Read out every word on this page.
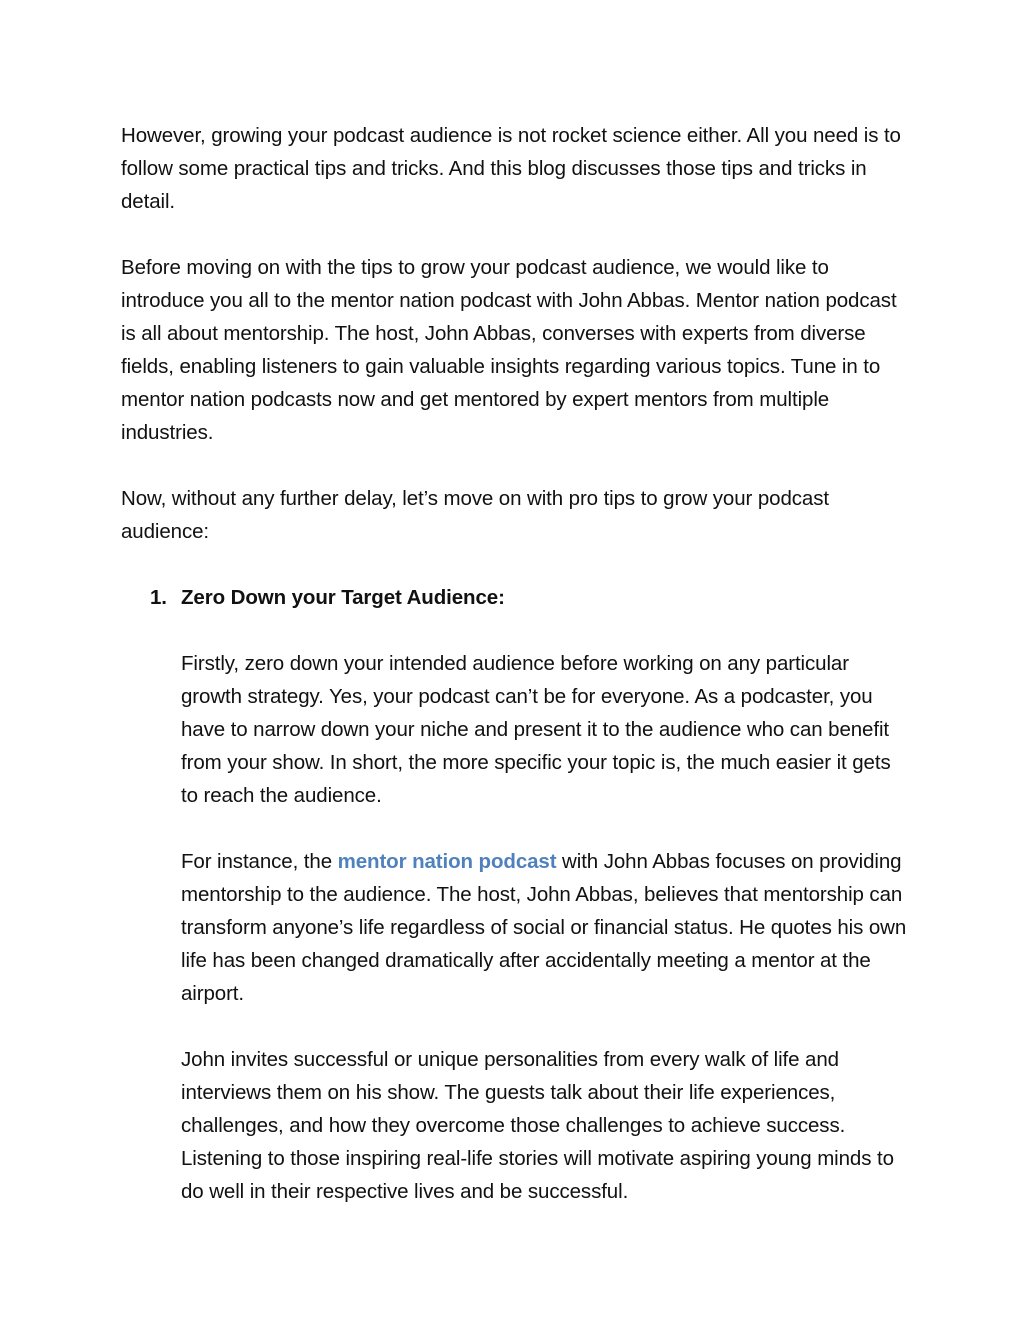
However, growing your podcast audience is not rocket science either. All you need is to follow some practical tips and tricks. And this blog discusses those tips and tricks in detail.

Before moving on with the tips to grow your podcast audience, we would like to introduce you all to the mentor nation podcast with John Abbas. Mentor nation podcast is all about mentorship. The host, John Abbas, converses with experts from diverse fields, enabling listeners to gain valuable insights regarding various topics. Tune in to mentor nation podcasts now and get mentored by expert mentors from multiple industries.

Now, without any further delay, let’s move on with pro tips to grow your podcast audience:

1. Zero Down your Target Audience:

Firstly, zero down your intended audience before working on any particular growth strategy. Yes, your podcast can’t be for everyone. As a podcaster, you have to narrow down your niche and present it to the audience who can benefit from your show. In short, the more specific your topic is, the much easier it gets to reach the audience.

For instance, the mentor nation podcast with John Abbas focuses on providing mentorship to the audience. The host, John Abbas, believes that mentorship can transform anyone’s life regardless of social or financial status. He quotes his own life has been changed dramatically after accidentally meeting a mentor at the airport.

John invites successful or unique personalities from every walk of life and interviews them on his show. The guests talk about their life experiences, challenges, and how they overcome those challenges to achieve success. Listening to those inspiring real-life stories will motivate aspiring young minds to do well in their respective lives and be successful.
